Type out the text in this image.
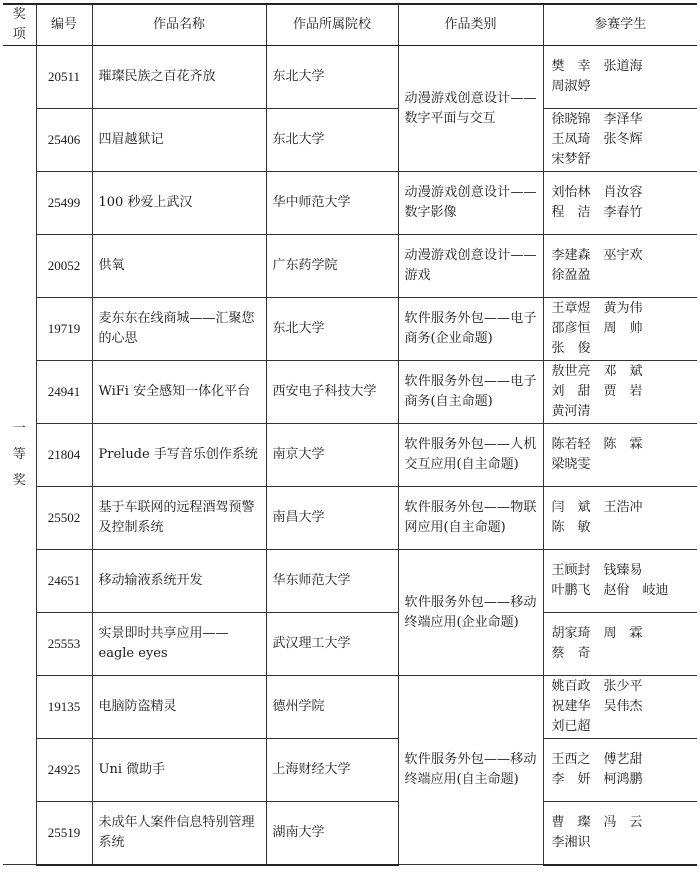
奖项	编号	作品名称	作品所属院校	作品类别	参赛学生

一
等
奖	20511	璀璨民族之百花齐放	东北大学	动漫游戏创意设计——数字平面与交互	樊　幸　张道海
周淑婷

	25406	四眉越狱记	东北大学		徐晓锦　李泽华
王凤琦　张冬辉
宋梦舒

	25499	100 秒爱上武汉	华中师范大学	动漫游戏创意设计——数字影像	刘怡林　肖汝容
程　洁　李春竹

	20052	供氧	广东药学院	动漫游戏创意设计——游戏	李建森　巫宇欢
徐盈盈

	19719	麦东东在线商城——汇聚您的心思	东北大学	软件服务外包——电子商务(企业命题)	王章煜　黄为伟
邵彦恒　周　帅
张　俊

	24941	WiFi 安全感知一体化平台	西安电子科技大学	软件服务外包——电子商务(自主命题)	敖世亮　邓　斌
刘　甜　贾　岩
黄河清

	21804	Prelude 手写音乐创作系统	南京大学	软件服务外包——人机交互应用(自主命题)	陈若轻　陈　霖
梁晓雯

	25502	基于车联网的远程酒驾预警及控制系统	南昌大学	软件服务外包——物联网应用(自主命题)	闫　斌　王浩冲
陈　敏

	24651	移动输液系统开发	华东师范大学	软件服务外包——移动终端应用(企业命题)	王顾封　钱臻易
叶鹏飞　赵佾　岐迪

	25553	实景即时共享应用——eagle eyes	武汉理工大学		胡家琦　周　霖
蔡　奇

	19135	电脑防盗精灵	德州学院	软件服务外包——移动终端应用(自主命题)	姚百政　张少平
祝建华　吴伟杰
刘已超

	24925	Uni 微助手	上海财经大学		王西之　傅艺甜
李　妍　柯鸿鹏

	25519	未成年人案件信息特别管理系统	湖南大学		曹　璨　冯　云
李湘识
